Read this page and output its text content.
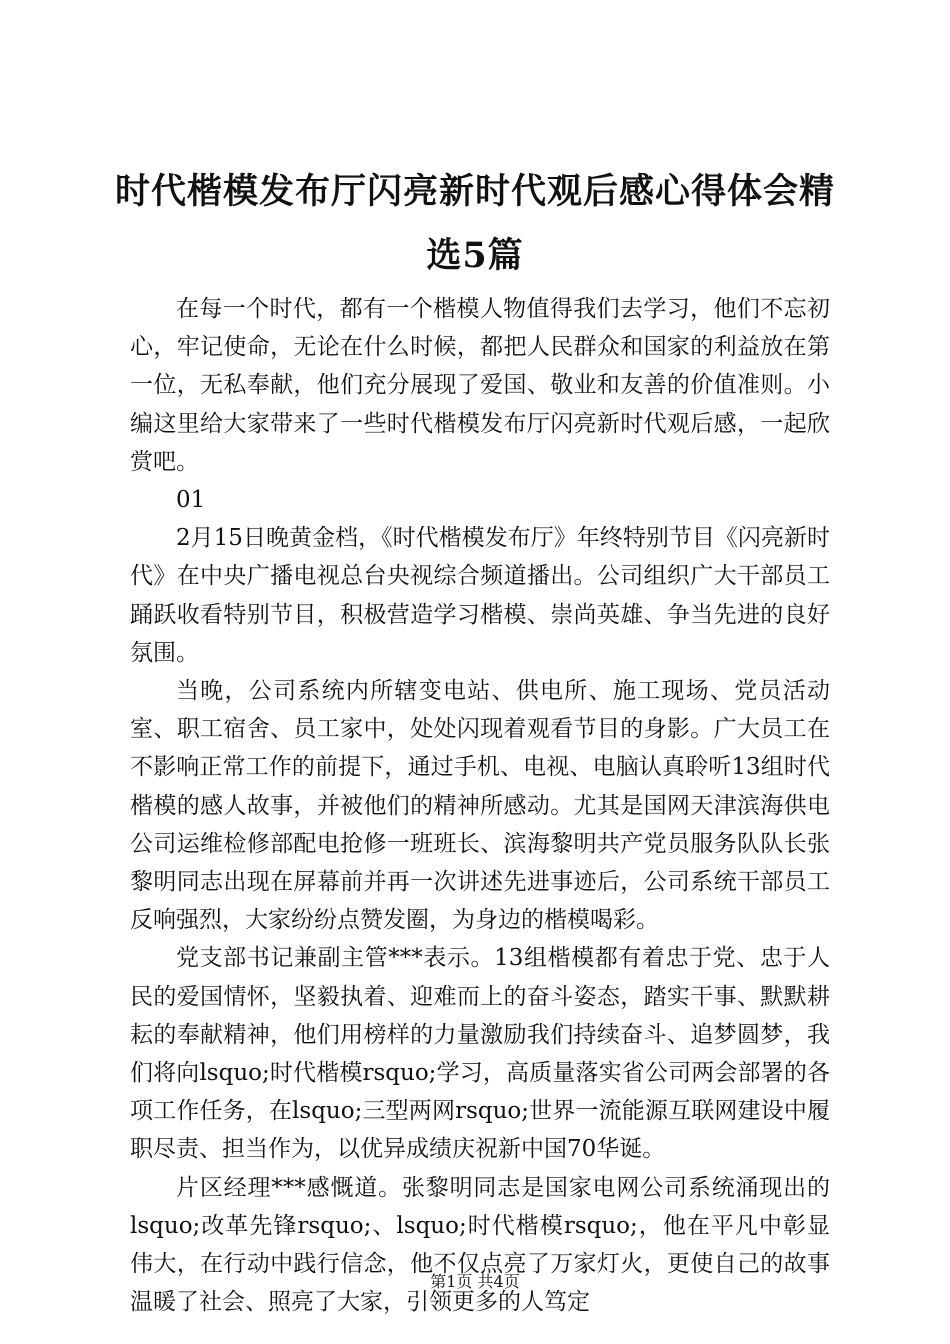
时代楷模发布厅闪亮新时代观后感心得体会精选5篇

在每一个时代，都有一个楷模人物值得我们去学习，他们不忘初心，牢记使命，无论在什么时候，都把人民群众和国家的利益放在第一位，无私奉献，他们充分展现了爱国、敬业和友善的价值准则。小编这里给大家带来了一些时代楷模发布厅闪亮新时代观后感，一起欣赏吧。

01

2月15日晚黄金档，《时代楷模发布厅》年终特别节目《闪亮新时代》在中央广播电视总台央视综合频道播出。公司组织广大干部员工踊跃收看特别节目，积极营造学习楷模、崇尚英雄、争当先进的良好氛围。

当晚，公司系统内所辖变电站、供电所、施工现场、党员活动室、职工宿舍、员工家中，处处闪现着观看节目的身影。广大员工在不影响正常工作的前提下，通过手机、电视、电脑认真聆听13组时代楷模的感人故事，并被他们的精神所感动。尤其是国网天津滨海供电公司运维检修部配电抢修一班班长、滨海黎明共产党员服务队队长张黎明同志出现在屏幕前并再一次讲述先进事迹后，公司系统干部员工反响强烈，大家纷纷点赞发圈，为身边的楷模喝彩。

党支部书记兼副主管***表示。13组楷模都有着忠于党、忠于人民的爱国情怀，坚毅执着、迎难而上的奋斗姿态，踏实干事、默默耕耘的奉献精神，他们用榜样的力量激励我们持续奋斗、追梦圆梦，我们将向lsquo;时代楷模rsquo;学习，高质量落实省公司两会部署的各项工作任务，在lsquo;三型两网rsquo;世界一流能源互联网建设中履职尽责、担当作为，以优异成绩庆祝新中国70华诞。

片区经理***感慨道。张黎明同志是国家电网公司系统涌现出的lsquo;改革先锋rsquo;、lsquo;时代楷模rsquo;，他在平凡中彰显伟大，在行动中践行信念，他不仅点亮了万家灯火，更使自己的故事温暖了社会、照亮了大家，引领更多的人笃定

第1页 共4页
